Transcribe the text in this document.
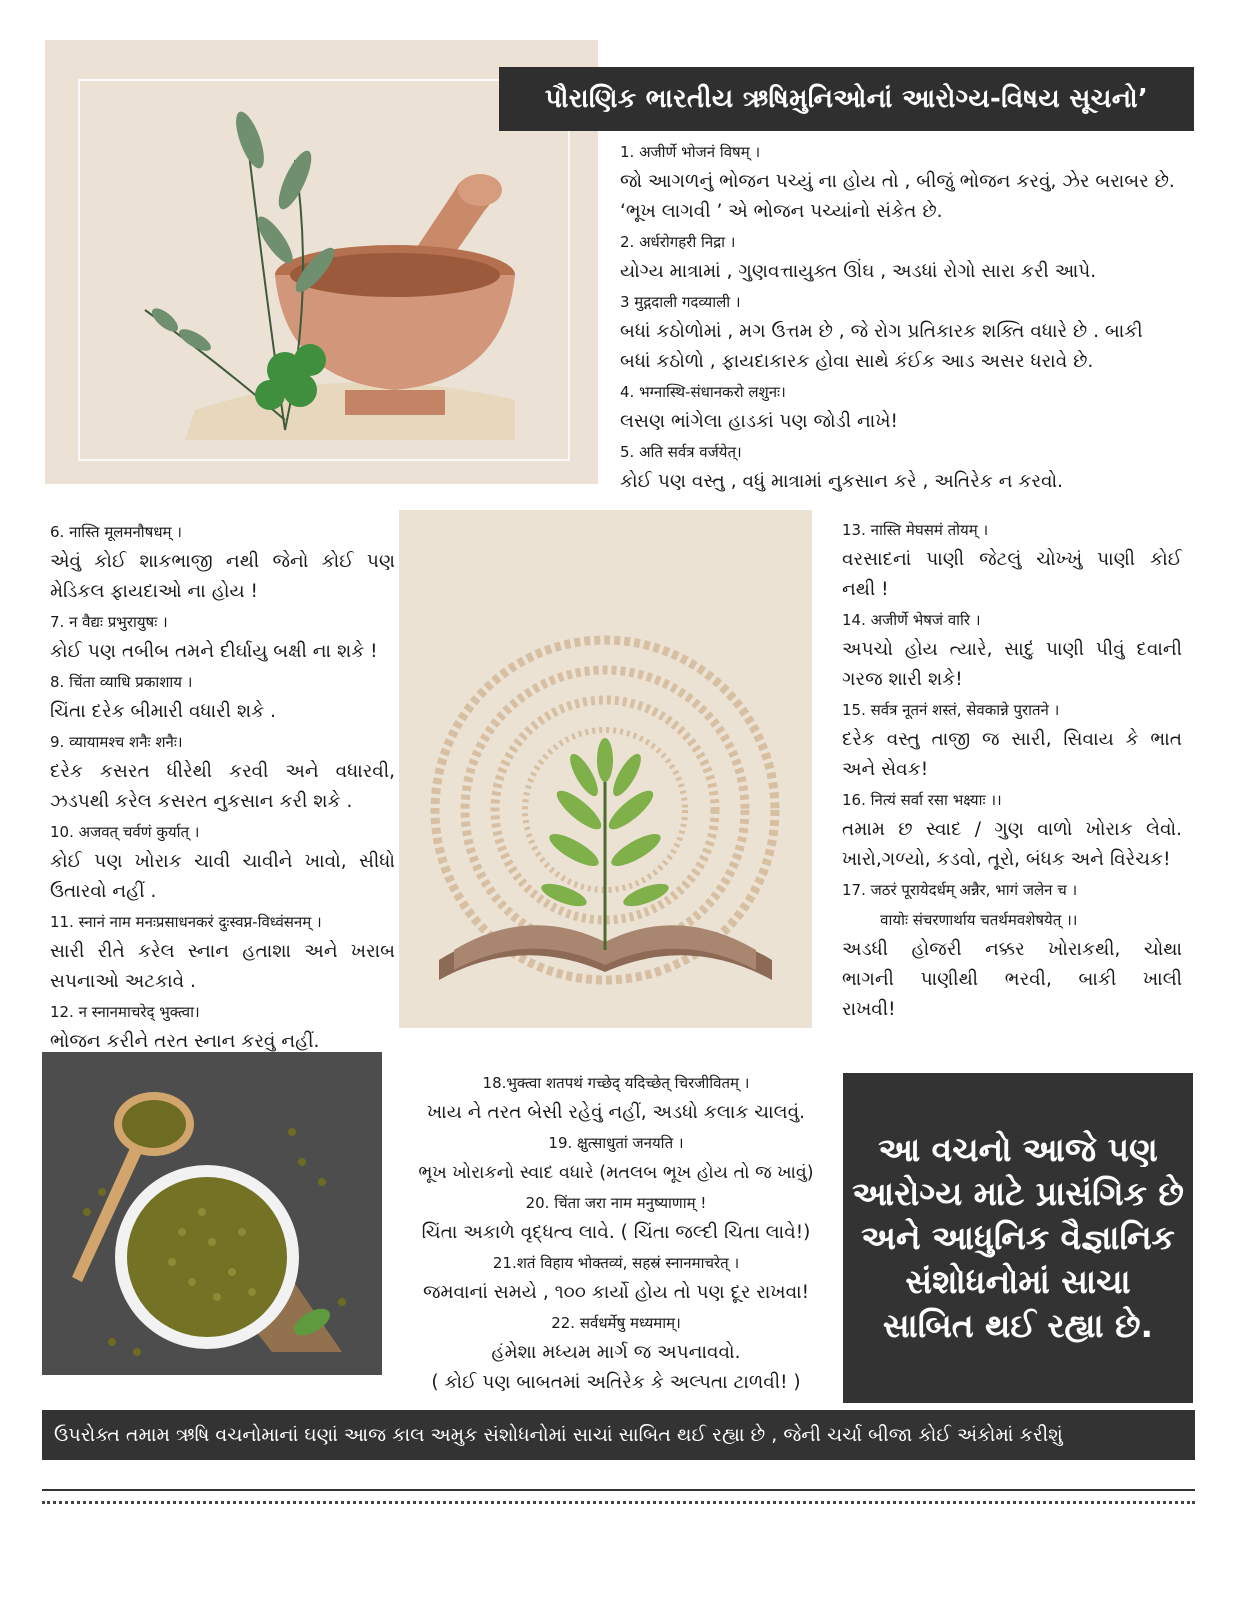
પૌરાણિક ભારતીય ઋષિમુનિઓનાં આરોગ્ય-વિષય સૂચનો’
1. अजीर्णे भोजनं विषम् ।
જો આગળનું ભોજન પચ્યું ના હોય તો , બીજું ભોજન કરવું, ઝેર બરાબર છે.
‘ભૂખ લાગવી ’ એ ભોજન પચ્યાંનો સંકેત છે.
2. अर्धरोगहरी निद्रा ।
યોગ્ય માત્રામાં , ગુણવત્તાયુક્ત ઊંઘ , અડધાં રોગો સારા કરી આપે.
3 मुद्गदाली गदव्याली ।
બધાં કઠોળોમાં , મગ ઉત્તમ છે , જે રોગ પ્રતિકારક શક્તિ વધારે છે . બાકી
બધાં કઠોળો , ફાયદાકારક હોવા સાથે કંઈક આડ અસર ધરાવે છે.
4. भग्नास्थि-संधानकरो लशुनः।
લસણ ભાંગેલા હાડકાં પણ જોડી નાખે!
5. अति सर्वत्र वर्जयेत्।
કોઈ પણ વસ્તુ , વધું માત્રામાં નુકસાન કરે , અતિરેક ન કરવો.
6. नास्ति मूलमनौषधम् ।
એવું કોઈ શાકભાજી નથી જેનો કોઈ પણ
મેડિકલ ફાયદાઓ ના હોય !
7. न वैद्यः प्रभुरायुषः ।
કોઈ પણ તબીબ તમને દીર્ઘાયુ બક્ષી ના શકે !
8. चिंता व्याधि प्रकाशाय ।
ચિંતા દરેક બીમારી વધારી શકે .
9. व्यायामश्च शनैः शनैः।
દરેક કસરત ધીરેથી કરવી અને વધારવી,
ઝડપથી કરેલ કસરત નુકસાન કરી શકે .
10. अजवत् चर्वणं कुर्यात् ।
કોઈ પણ ખોરાક ચાવી ચાવીને ખાવો, સીધો
ઉતારવો નહીં .
11. स्नानं नाम मनःप्रसाधनकरं दुःस्वप्न-विध्वंसनम् ।
સારી રીતે કરેલ સ્નાન હતાશા અને ખરાબ
સપનાઓ અટકાવે .
12. न स्नानमाचरेद् भुक्त्वा।
ભોજન કરીને તરત સ્નાન કરવું નહીં.
13. नास्ति मेघसमं तोयम् ।
વરસાદનાં પાણી જેટલું ચોખ્ખું પાણી કોઈ
નથી !
14. अजीर्णे भेषजं वारि ।
અપચો હોય ત્યારે, સાદું પાણી પીવું દવાની
ગરજ શારી શકે!
15. सर्वत्र नूतनं शस्तं, सेवकान्ने पुरातने ।
દરેક વસ્તુ તાજી જ સારી, સિવાય કે ભાત
અને સેવક!
16. नित्यं सर्वा रसा भक्ष्याः ।।
તમામ છ સ્વાદ / ગુણ વાળો ખોરાક લેવો.
ખારો,ગળ્યો, કડવો, તૂરો, બંધક અને વિરેચક!
17. जठरं पूरायेदर्धम् अन्नैर, भागं जलेन च ।
वायोः संचरणार्थाय चतर्थमवशेषयेत् ।।
અડધી હોજરી નક્કર ખોરાકથી, ચોથા
ભાગની પાણીથી ભરવી, બાકી ખાલી
રાખવી!
18.भुक्त्वा शतपथं गच्छेद् यदिच्छेत् चिरजीवितम् ।
ખાય ને તરત બેસી રહેવું નહીં, અડધો કલાક ચાલવું.
19. क्षुत्साधुतां जनयति ।
ભૂખ ખોરાકનો સ્વાદ વધારે (મતલબ ભૂખ હોય તો જ ખાવું)
20. चिंता जरा नाम मनुष्याणाम् !
ચિંતા અકાળે વૃદ્ધત્વ લાવે. ( ચિંતા જલ્દી ચિતા લાવે!)
21.शतं विहाय भोक्तव्यं, सहस्रं स्नानमाचरेत् ।
જમવાનાં સમયે , ૧૦૦ કાર્યો હોય તો પણ દૂર રાખવા!
22. सर्वधर्मेषु मध्यमाम्।
હંમેશા મધ્યમ માર્ગ જ અપનાવવો.
( કોઈ પણ બાબતમાં અતિરેક કે અલ્પતા ટાળવી! )
આ વચનો આજે પણ
આરોગ્ય માટે પ્રાસંગિક છે
અને આધુનિક વૈજ્ઞાનિક
સંશોધનોમાં સાચા
સાબિત થઈ રહ્યા છે.
ઉપરોક્ત તમામ ઋષિ વચનોમાનાં ઘણાં આજ કાલ અમુક સંશોધનોમાં સાચાં સાબિત થઈ રહ્યા છે , જેની ચર્ચા બીજા કોઈ અંકોમાં કરીશું
